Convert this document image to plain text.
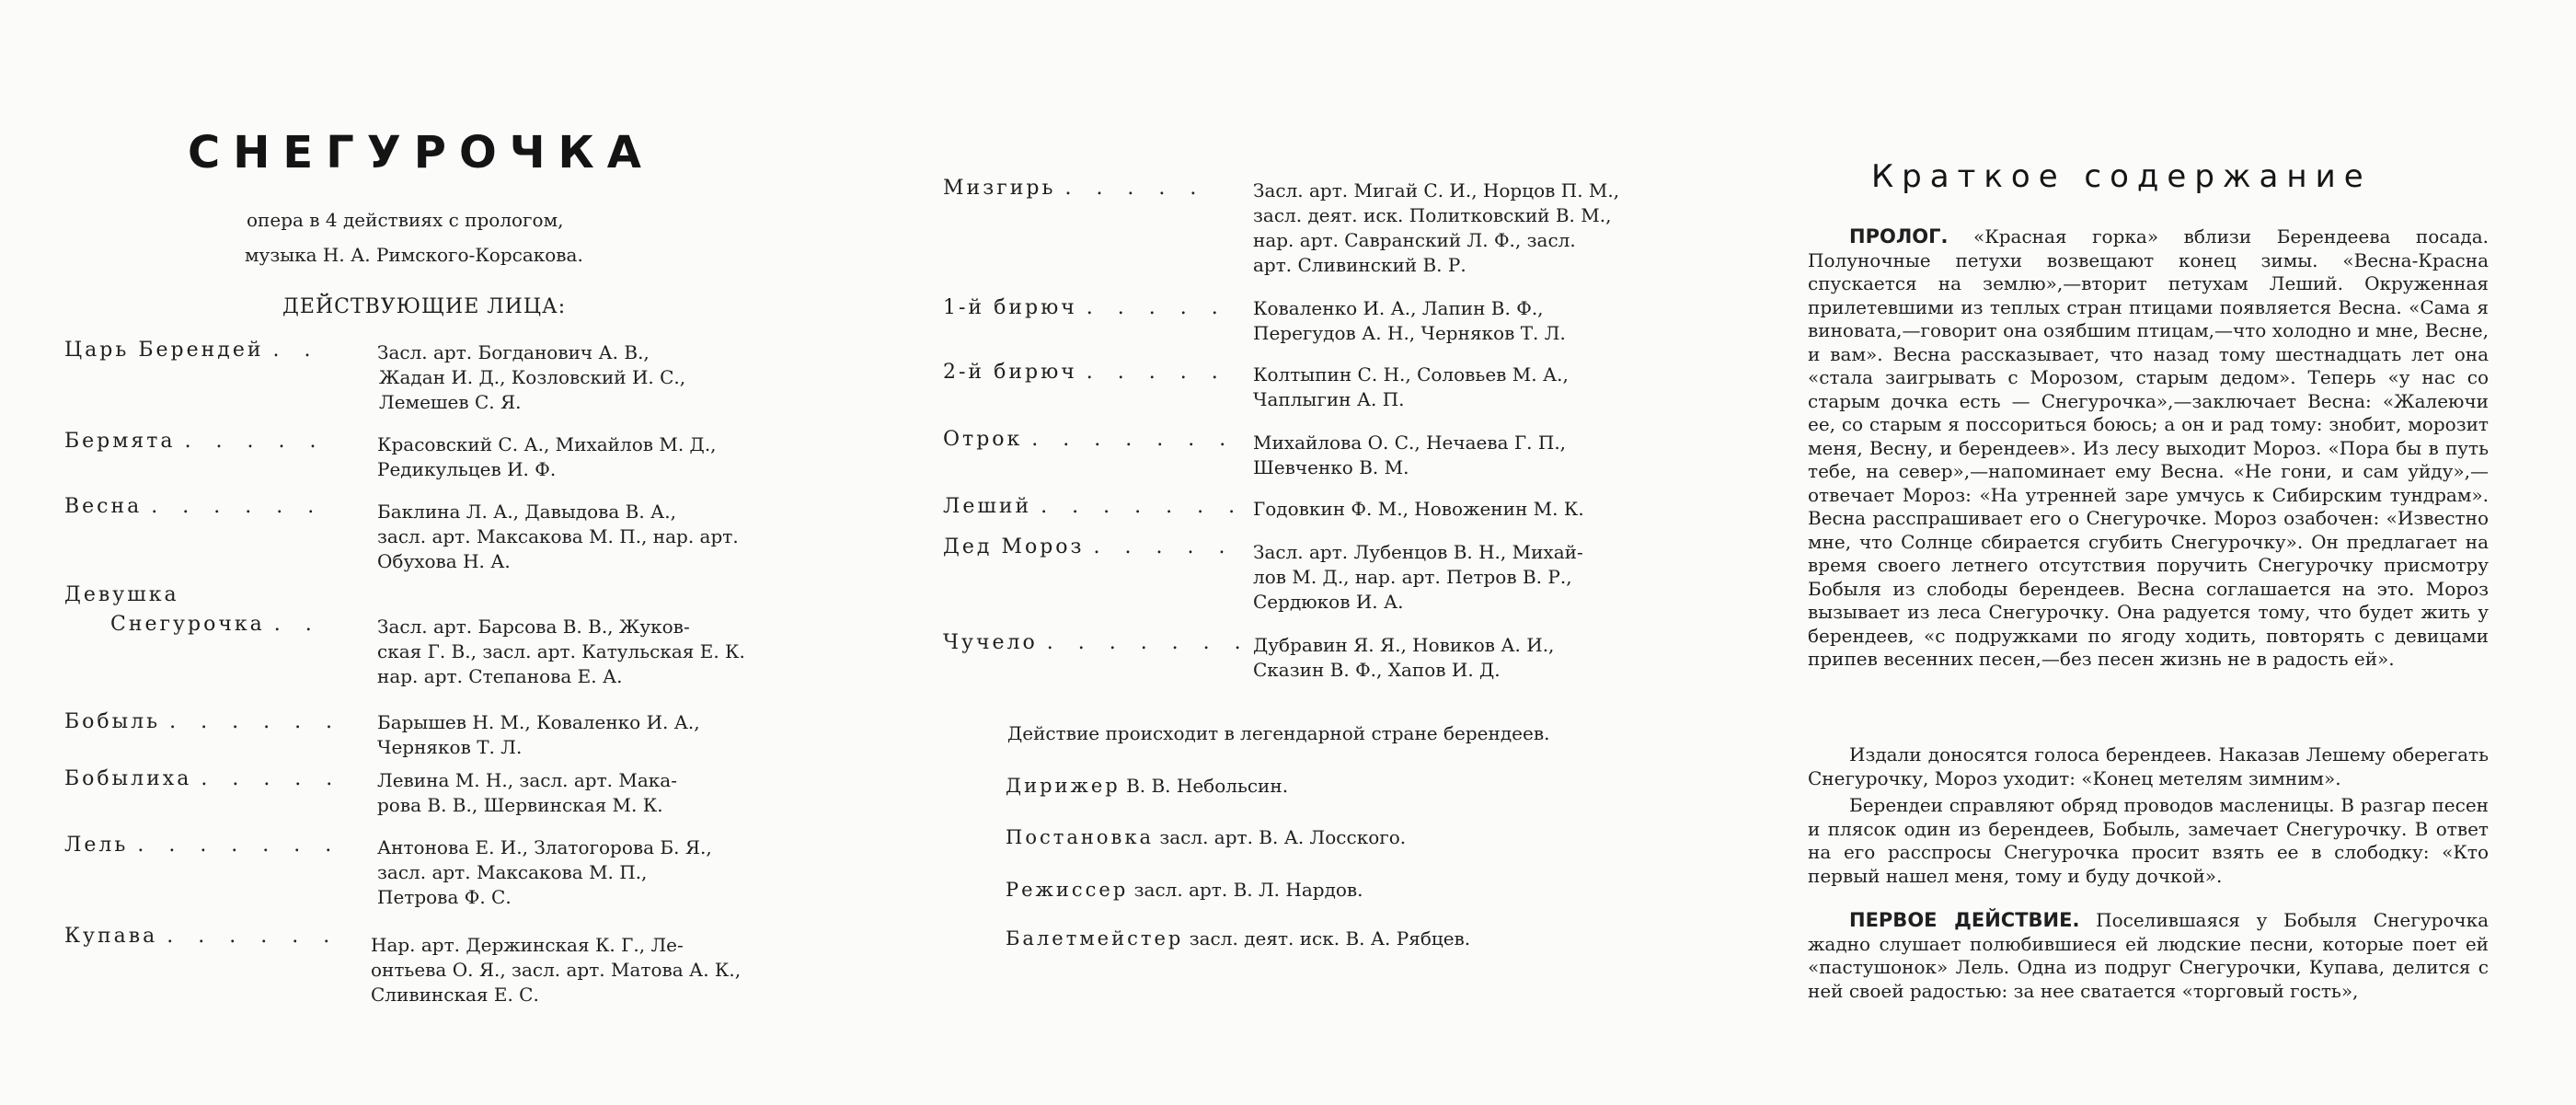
СНЕГУРОЧКА

опера в 4 действиях с прологом,

музыка Н. А. Римского-Корсакова.

ДЕЙСТВУЮЩИЕ ЛИЦА:

Царь Берендей . .	Засл. арт. Богданович А. В.,
Жадан И. Д., Козловский И. С.,
Лемешев С. Я.

Бермята . . . . .	Красовский С. А., Михайлов М. Д.,
Редикульцев И. Ф.

Весна . . . . . .	Баклина Л. А., Давыдова В. А.,
засл. арт. Максакова М. П., нар. арт.
Обухова Н. А.

Девушка

Снегурочка . .	Засл. арт. Барсова В. В., Жуков-
ская Г. В., засл. арт. Катульская Е. К.
нар. арт. Степанова Е. А.

Бобыль . . . . . . Барышев Н. М., Коваленко И. А.,
Черняков Т. Л.

Бобылиха . . . . . Левина М. Н., засл. арт. Мака-
рова В. В., Шервинская М. К.

Лель . . . . . . . Антонова Е. И., Златогорова Б. Я.,
засл. арт. Максакова М. П.,
Петрова Ф. С.

Купава . . . . . . Нар. арт. Держинская К. Г., Ле-
онтьева О. Я., засл. арт. Матова А. К.,
Сливинская Е. С.

Мизгирь . . . . .	Засл. арт. Мигай С. И., Норцов П. М.,
засл. деят. иск. Политковский В. М.,
нар. арт. Савранский Л. Ф., засл.
арт. Сливинский В. Р.

1-й бирюч . . . . . Коваленко И. А., Лапин В. Ф.,
Перегудов А. Н., Черняков Т. Л.

2-й бирюч . . . . . Колтыпин С. Н., Соловьев М. А.,
Чаплыгин А. П.

Отрок . . . . . . . Михайлова О. С., Нечаева Г. П.,
Шевченко В. М.

Леший . . . . . . . Годовкин Ф. М., Новоженин М. К.

Дед Мороз . . . . . Засл. арт. Лубенцов В. Н., Михай-
лов М. Д., нар. арт. Петров В. Р.,
Сердюков И. А.

Чучело . . . . . . . Дубравин Я. Я., Новиков А. И.,
Сказин В. Ф., Хапов И. Д.

Действие происходит в легендарной стране берендеев.

Дирижер В. В. Небольсин.

Постановка засл. арт. В. А. Лосского.

Режиссер засл. арт. В. Л. Нардов.

Балетмейстер засл. деят. иск. В. А. Рябцев.

Краткое содержание

ПРОЛОГ. «Красная горка» вблизи Берендеева посада. Полуночные петухи возвещают конец зимы. «Весна-Красна спускается на землю»,—вторит петухам Леший. Окруженная прилетевшими из теплых стран птицами появляется Весна. «Сама я виновата,—говорит она озябшим птицам,—что холодно и мне, Весне, и вам». Весна рассказывает, что назад тому шестнадцать лет она «стала заигрывать с Морозом, старым дедом». Теперь «у нас со старым дочка есть — Снегурочка»,—заключает Весна: «Жалеючи ее, со старым я поссориться боюсь; а он и рад тому: знобит, морозит меня, Весну, и берендеев». Из лесу выходит Мороз. «Пора бы в путь тебе, на север»,—напоминает ему Весна. «Не гони, и сам уйду»,—отвечает Мороз: «На утренней заре умчусь к Сибирским тундрам». Весна расспрашивает его о Снегурочке. Мороз озабочен: «Известно мне, что Солнце сбирается сгубить Снегурочку». Он предлагает на время своего летнего отсутствия поручить Снегурочку присмотру Бобыля из слободы берендеев. Весна соглашается на это. Мороз вызывает из леса Снегурочку. Она радуется тому, что будет жить у берендеев, «с подружками по ягоду ходить, повторять с девицами припев весенних песен,—без песен жизнь не в радость ей».

Издали доносятся голоса берендеев. Наказав Лешему оберегать Снегурочку, Мороз уходит: «Конец метелям зимним».

Берендеи справляют обряд проводов масленицы. В разгар песен и плясок один из берендеев, Бобыль, замечает Снегурочку. В ответ на его расспросы Снегурочка просит взять ее в слободку: «Кто первый нашел меня, тому и буду дочкой».

ПЕРВОЕ ДЕЙСТВИЕ. Поселившаяся у Бобыля Снегурочка жадно слушает полюбившиеся ей людские песни, которые поет ей «пастушонок» Лель. Одна из подруг Снегурочки, Купава, делится с ней своей радостью: за нее сватается «торговый гость»,
